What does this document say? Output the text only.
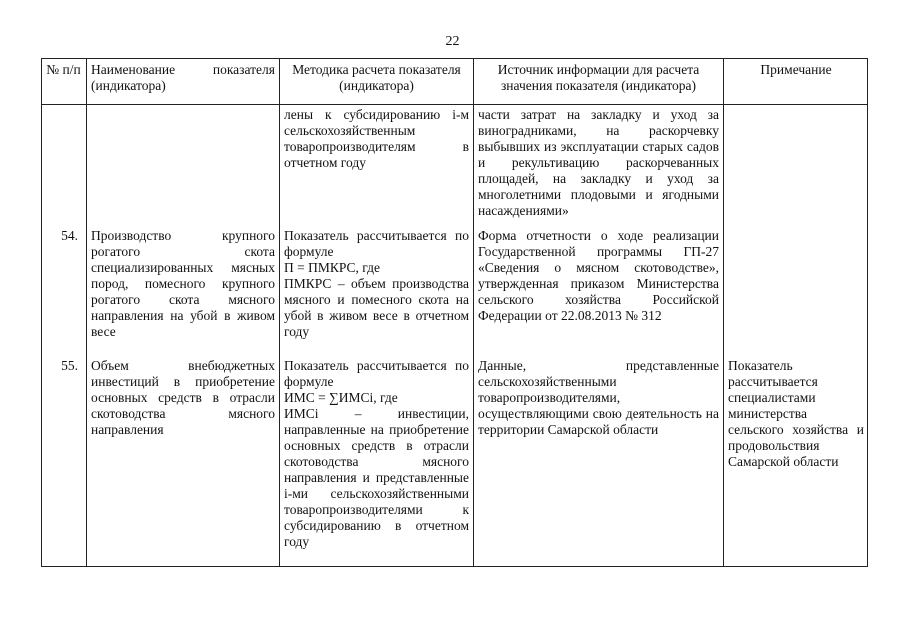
22
№ п/п Наименование показателя (индикатора)
Методика расчета показателя (индикатора)
Источник информации для расчета значения показателя (индикатора)
Примечание
лены к субсидированию i-м сельскохозяйственным товаропроизводителям в отчетном году
части затрат на закладку и уход за виноградниками, на раскорчевку выбывших из эксплуатации старых садов и рекультивацию раскорчеванных площадей, на закладку и уход за многолетними плодовыми и ягодными насаждениями»
54. Производство крупного рогатого скота специализированных мясных пород, помесного крупного рогатого скота мясного направления на убой в живом весе
Показатель рассчитывается по формуле
П = ПМКРС, где
ПМКРС – объем производства мясного и помесного скота на убой в живом весе в отчетном году
Форма отчетности о ходе реализации Государственной программы ГП-27 «Сведения о мясном скотоводстве», утвержденная приказом Министерства сельского хозяйства Российской Федерации от 22.08.2013 № 312
55. Объем внебюджетных инвестиций в приобретение основных средств в отрасли скотоводства мясного направления
Показатель рассчитывается по формуле
ИМС = ∑ИМСi, где
ИМСi – инвестиции, направленные на приобретение основных средств в отрасли скотоводства мясного направления и представленные i-ми сельскохозяйственными товаропроизводителями к субсидированию в отчетном году
Данные, представленные сельскохозяйственными товаропроизводителями, осуществляющими свою деятельность на территории Самарской области
Показатель рассчитывается специалистами министерства сельского хозяйства и продовольствия Самарской области
